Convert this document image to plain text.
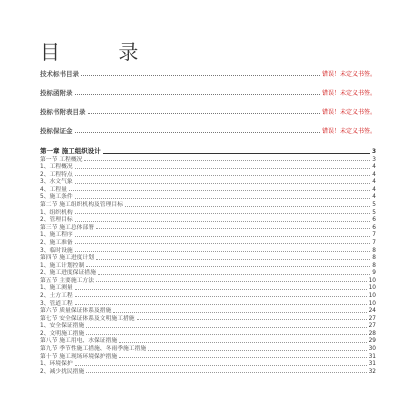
目 录
技术标书目录	错误！未定义书签。
投标函附录	错误！未定义书签。
投标书附表目录	错误！未定义书签。
投标保证金	错误！未定义书签。
第一章 施工组织设计	3
第一节 工程概况	3
1、工程概况	4
2、工程特点	4
3、水文气象	4
4、工程量	4
5、施工条件	4
第二节 施工组织机构及管理目标	5
1、组织机构	5
2、管理目标	6
第三节 施工总体部署	6
1、施工程序	7
2、施工准备	7
3、临时设施	8
第四节 施工进度计划	8
1、施工计划控制	8
2、施工进度保证措施	9
第五节 主要施工方法	10
1、施工测量	10
2、土方工程	10
3、管道工程	10
第六节 质量保证体系及措施	24
第七节 安全保证体系及文明施工措施	27
1、安全保证措施	27
2、文明施工措施	28
第八节 施工用电、水保证措施	29
第九节 季节性施工措施、冬雨季施工措施	30
第十节 施工现场环境保护措施	31
1、环境保护	31
2、减少扰民措施	32
